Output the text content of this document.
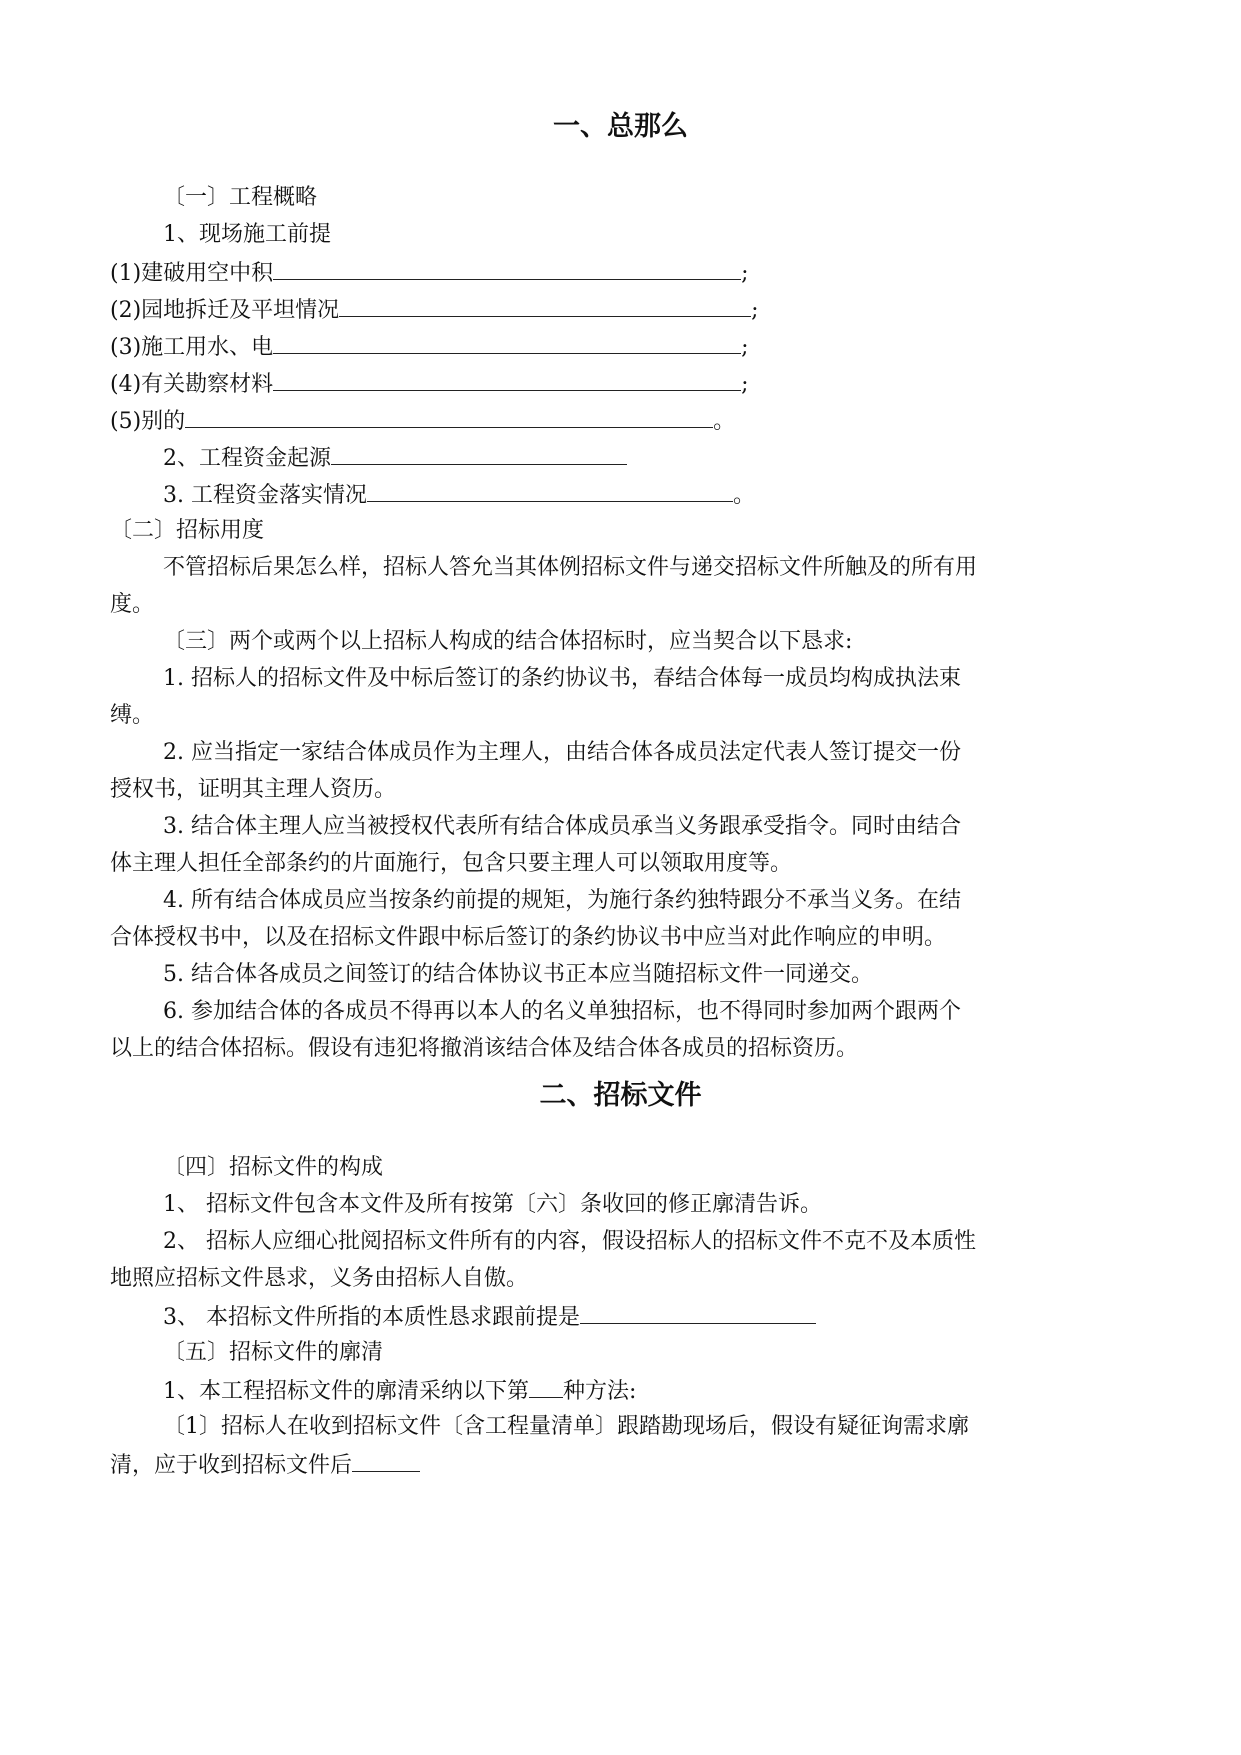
一、总那么
〔一〕工程概略
1、现场施工前提
(1)建破用空中积	;
(2)园地拆迁及平坦情况	;
(3)施工用水、电	;
(4)有关勘察材料	;
(5)别的	。
2、工程资金起源
3. 工程资金落实情况	。
〔二〕招标用度
不管招标后果怎么样，招标人答允当其体例招标文件与递交招标文件所触及的所有用
度。
〔三〕两个或两个以上招标人构成的结合体招标时，应当契合以下恳求:
1. 招标人的招标文件及中标后签订的条约协议书，春结合体每一成员均构成执法束
缚。
2. 应当指定一家结合体成员作为主理人，由结合体各成员法定代表人签订提交一份
授权书，证明其主理人资历。
3. 结合体主理人应当被授权代表所有结合体成员承当义务跟承受指令。同时由结合
体主理人担任全部条约的片面施行，包含只要主理人可以领取用度等。
4. 所有结合体成员应当按条约前提的规矩，为施行条约独特跟分不承当义务。在结
合体授权书中，以及在招标文件跟中标后签订的条约协议书中应当对此作响应的申明。
5. 结合体各成员之间签订的结合体协议书正本应当随招标文件一同递交。
6. 参加结合体的各成员不得再以本人的名义单独招标，也不得同时参加两个跟两个
以上的结合体招标。假设有违犯将撤消该结合体及结合体各成员的招标资历。
二、招标文件
〔四〕招标文件的构成
1、 招标文件包含本文件及所有按第〔六〕条收回的修正廓清告诉。
2、 招标人应细心批阅招标文件所有的内容，假设招标人的招标文件不克不及本质性
地照应招标文件恳求，义务由招标人自傲。
3、 本招标文件所指的本质性恳求跟前提是
〔五〕招标文件的廓清
1、本工程招标文件的廓清采纳以下第 种方法:
〔1〕招标人在收到招标文件〔含工程量清单〕跟踏勘现场后，假设有疑征询需求廓
清，应于收到招标文件后
